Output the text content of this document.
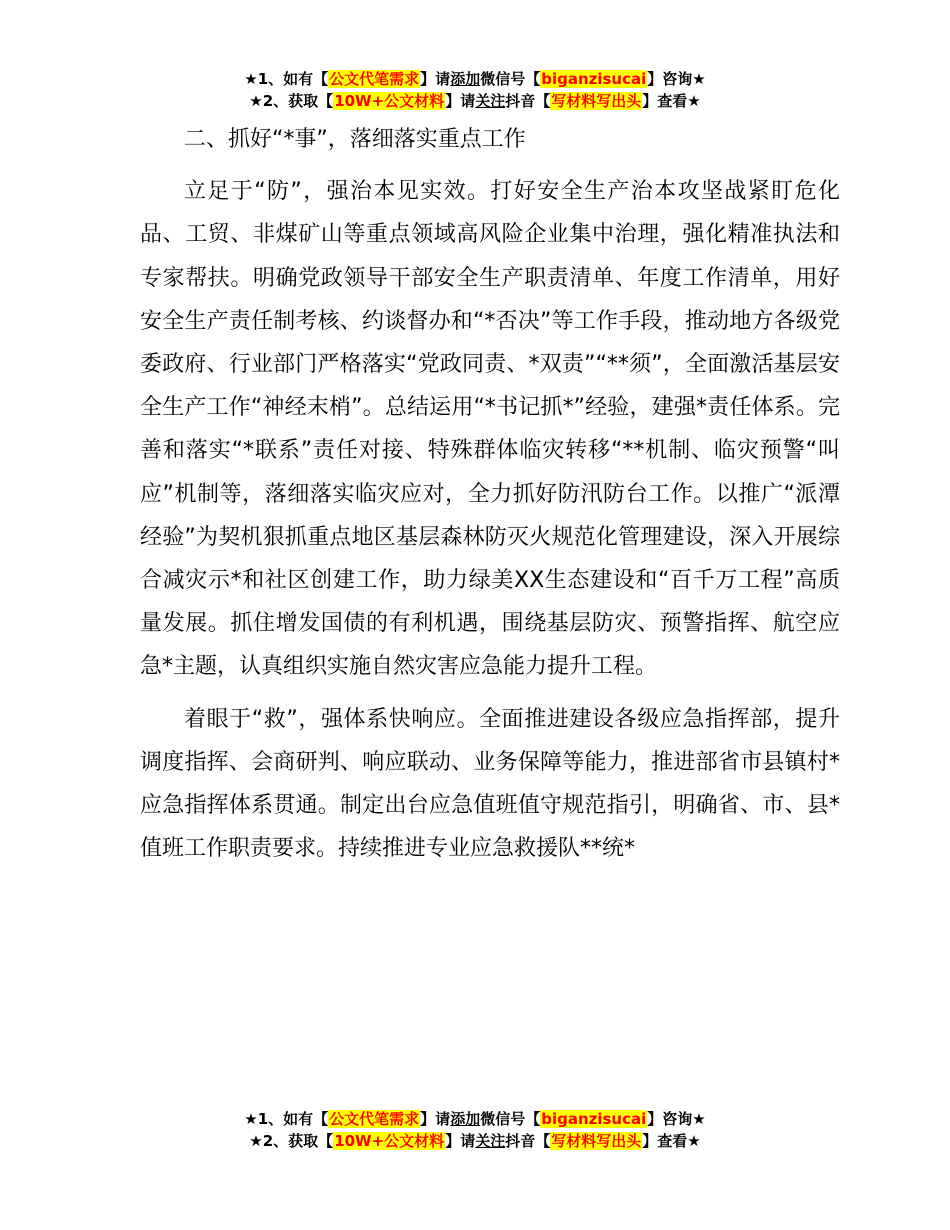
★1、如有【公文代笔需求】请添加微信号【biganzisucai】咨询★
★2、获取【10W+公文材料】请关注抖音【写材料写出头】查看★

二、抓好“*事”，落细落实重点工作

立足于“防”，强治本见实效。打好安全生产治本攻坚战紧盯危化品、工贸、非煤矿山等重点领域高风险企业集中治理，强化精准执法和专家帮扶。明确党政领导干部安全生产职责清单、年度工作清单，用好安全生产责任制考核、约谈督办和“*否决”等工作手段，推动地方各级党委政府、行业部门严格落实“党政同责、*双责”“**须”，全面激活基层安全生产工作“神经末梢”。总结运用“*书记抓*”经验，建强*责任体系。完善和落实“*联系”责任对接、特殊群体临灾转移“**机制、临灾预警“叫应”机制等，落细落实临灾应对，全力抓好防汛防台工作。以推广“派潭经验”为契机狠抓重点地区基层森林防灭火规范化管理建设，深入开展综合减灾示*和社区创建工作，助力绿美XX生态建设和“百千万工程”高质量发展。抓住增发国债的有利机遇，围绕基层防灾、预警指挥、航空应急*主题，认真组织实施自然灾害应急能力提升工程。

着眼于“救”，强体系快响应。全面推进建设各级应急指挥部，提升调度指挥、会商研判、响应联动、业务保障等能力，推进部省市县镇村*应急指挥体系贯通。制定出台应急值班值守规范指引，明确省、市、县*值班工作职责要求。持续推进专业应急救援队**统*

★1、如有【公文代笔需求】请添加微信号【biganzisucai】咨询★
★2、获取【10W+公文材料】请关注抖音【写材料写出头】查看★
